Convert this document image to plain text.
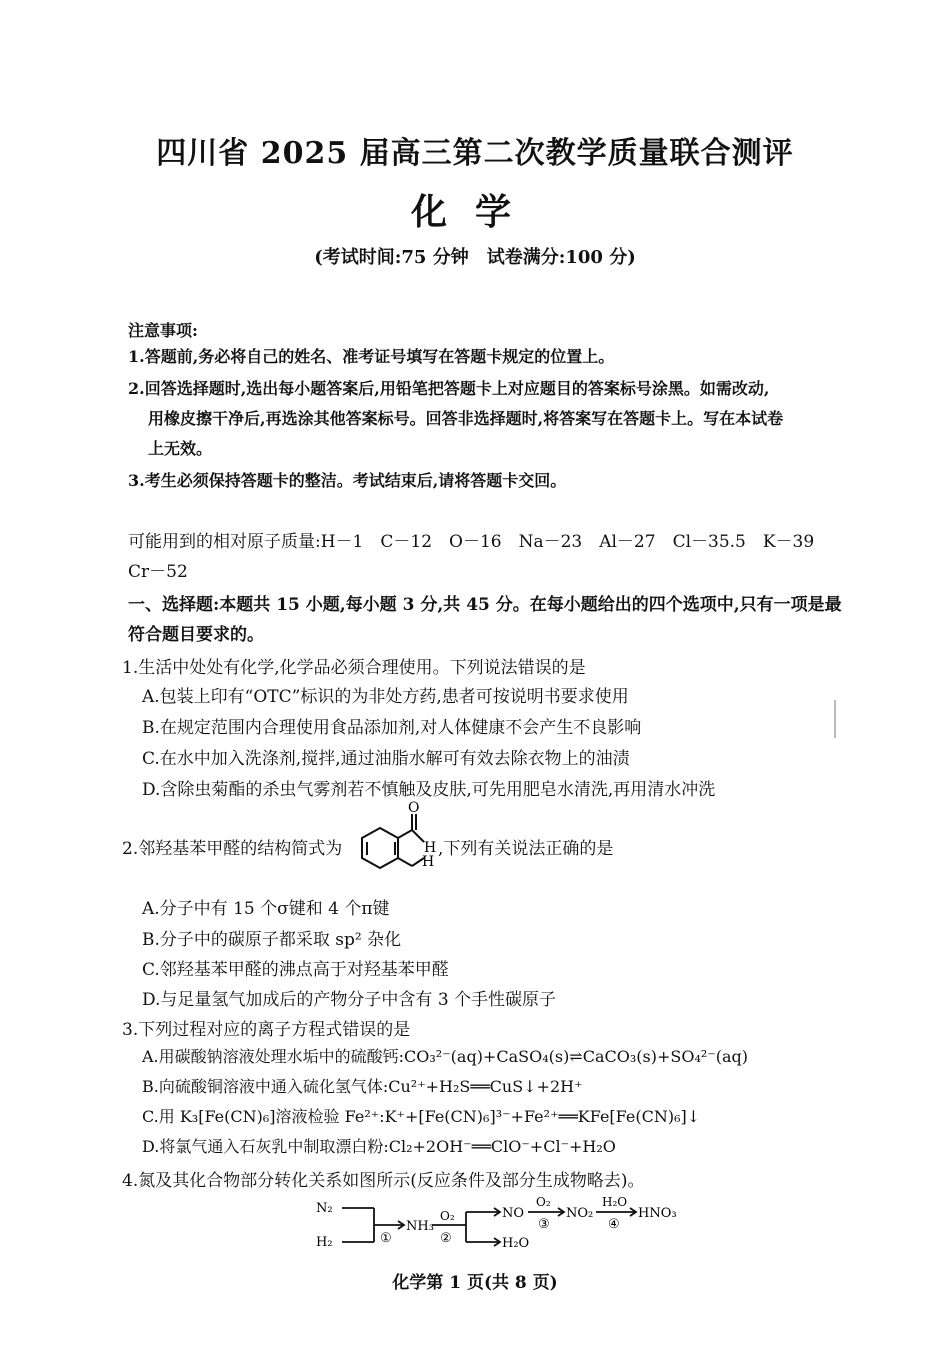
四川省 2025 届高三第二次教学质量联合测评
化学
(考试时间:75 分钟　试卷满分:100 分)
注意事项:
1.答题前,务必将自己的姓名、准考证号填写在答题卡规定的位置上。
2.回答选择题时,选出每小题答案后,用铅笔把答题卡上对应题目的答案标号涂黑。如需改动,
用橡皮擦干净后,再选涂其他答案标号。回答非选择题时,将答案写在答题卡上。写在本试卷
上无效。
3.考生必须保持答题卡的整洁。考试结束后,请将答题卡交回。
可能用到的相对原子质量:H－1　C－12　O－16　Na－23　Al－27　Cl－35.5　K－39
Cr－52
一、选择题:本题共 15 小题,每小题 3 分,共 45 分。在每小题给出的四个选项中,只有一项是最
符合题目要求的。
1.生活中处处有化学,化学品必须合理使用。下列说法错误的是
A.包装上印有“OTC”标识的为非处方药,患者可按说明书要求使用
B.在规定范围内合理使用食品添加剂,对人体健康不会产生不良影响
C.在水中加入洗涤剂,搅拌,通过油脂水解可有效去除衣物上的油渍
D.含除虫菊酯的杀虫气雾剂若不慎触及皮肤,可先用肥皂水清洗,再用清水冲洗
2.邻羟基苯甲醛的结构简式为
O
H
H
,下列有关说法正确的是
A.分子中有 15 个σ键和 4 个π键
B.分子中的碳原子都采取 sp² 杂化
C.邻羟基苯甲醛的沸点高于对羟基苯甲醛
D.与足量氢气加成后的产物分子中含有 3 个手性碳原子
3.下列过程对应的离子方程式错误的是
A.用碳酸钠溶液处理水垢中的硫酸钙:CO₃²⁻(aq)+CaSO₄(s)⇌CaCO₃(s)+SO₄²⁻(aq)
B.向硫酸铜溶液中通入硫化氢气体:Cu²⁺+H₂S══CuS↓+2H⁺
C.用 K₃[Fe(CN)₆]溶液检验 Fe²⁺:K⁺+[Fe(CN)₆]³⁻+Fe²⁺══KFe[Fe(CN)₆]↓
D.将氯气通入石灰乳中制取漂白粉:Cl₂+2OH⁻══ClO⁻+Cl⁻+H₂O
4.氮及其化合物部分转化关系如图所示(反应条件及部分生成物略去)。
N₂
H₂	①
NH₃
O₂
②
NO
O₂
③
NO₂
H₂O
④
HNO₃
H₂O
化学第 1 页(共 8 页)
